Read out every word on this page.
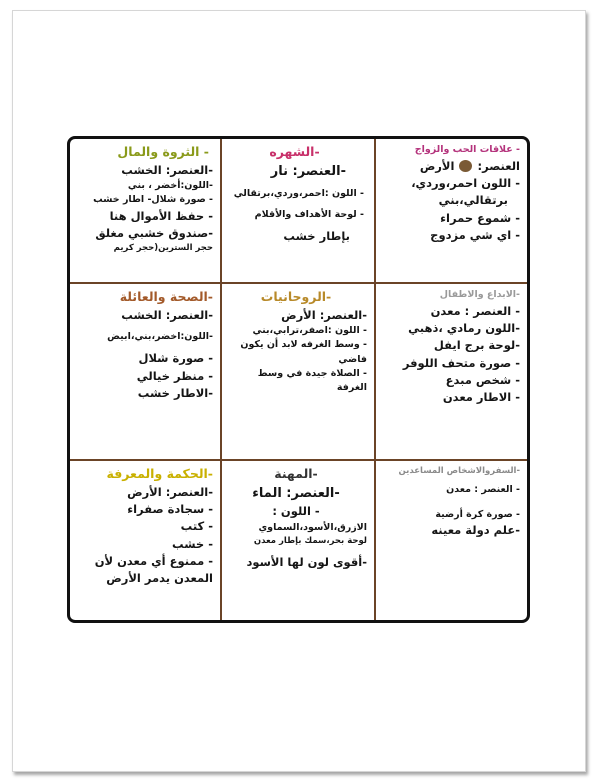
- الثروة والمال
-العنصر: الخشب
-اللون:أخضر ، بني
- صورة شلال- اطار خشب
- حفظ الأموال هنا
-صندوق خشبي مغلق
حجر السترين(حجر كريم
-الشهره
-العنصر: نار
- اللون :احمر،وردي،برتقالي
- لوحة الأهداف والأقلام
بإطار خشب
- علاقات الحب والزواج
العنصر:  الأرض
- اللون احمر،وردي،
برتقالي،بني
- شموع حمراء
- اي شي مزدوج
-الصحة والعائلة
-العنصر: الخشب
-اللون:اخضر،بني،ابيض
- صورة شلال
- منظر خيالي
-الاطار خشب
-الروحانيات
-العنصر: الأرض
- اللون :اصفر،ترابي،بني
- وسط الغرفه لابد أن يكون فاضي
- الصلاة جيدة في وسط الغرفة
-الابداع والاطفال
- العنصر : معدن
-اللون رمادي ،ذهبي
-لوحة برج ايفل
- صورة متحف اللوفر
- شخص مبدع
- الاطار معدن
-الحكمة والمعرفة
-العنصر: الأرض
- سجادة صفراء
- كتب
- خشب
- ممنوع أي معدن لأن المعدن يدمر الأرض
-المهنة
-العنصر: الماء
- اللون :
الازرق،الأسود،السماوي
لوحة بحر،سمك بإطار معدن
-أقوى لون لها الأسود
-السفروالاشخاص المساعدين
- العنصر : معدن
- صورة كرة أرضية
-علم دولة معينه
